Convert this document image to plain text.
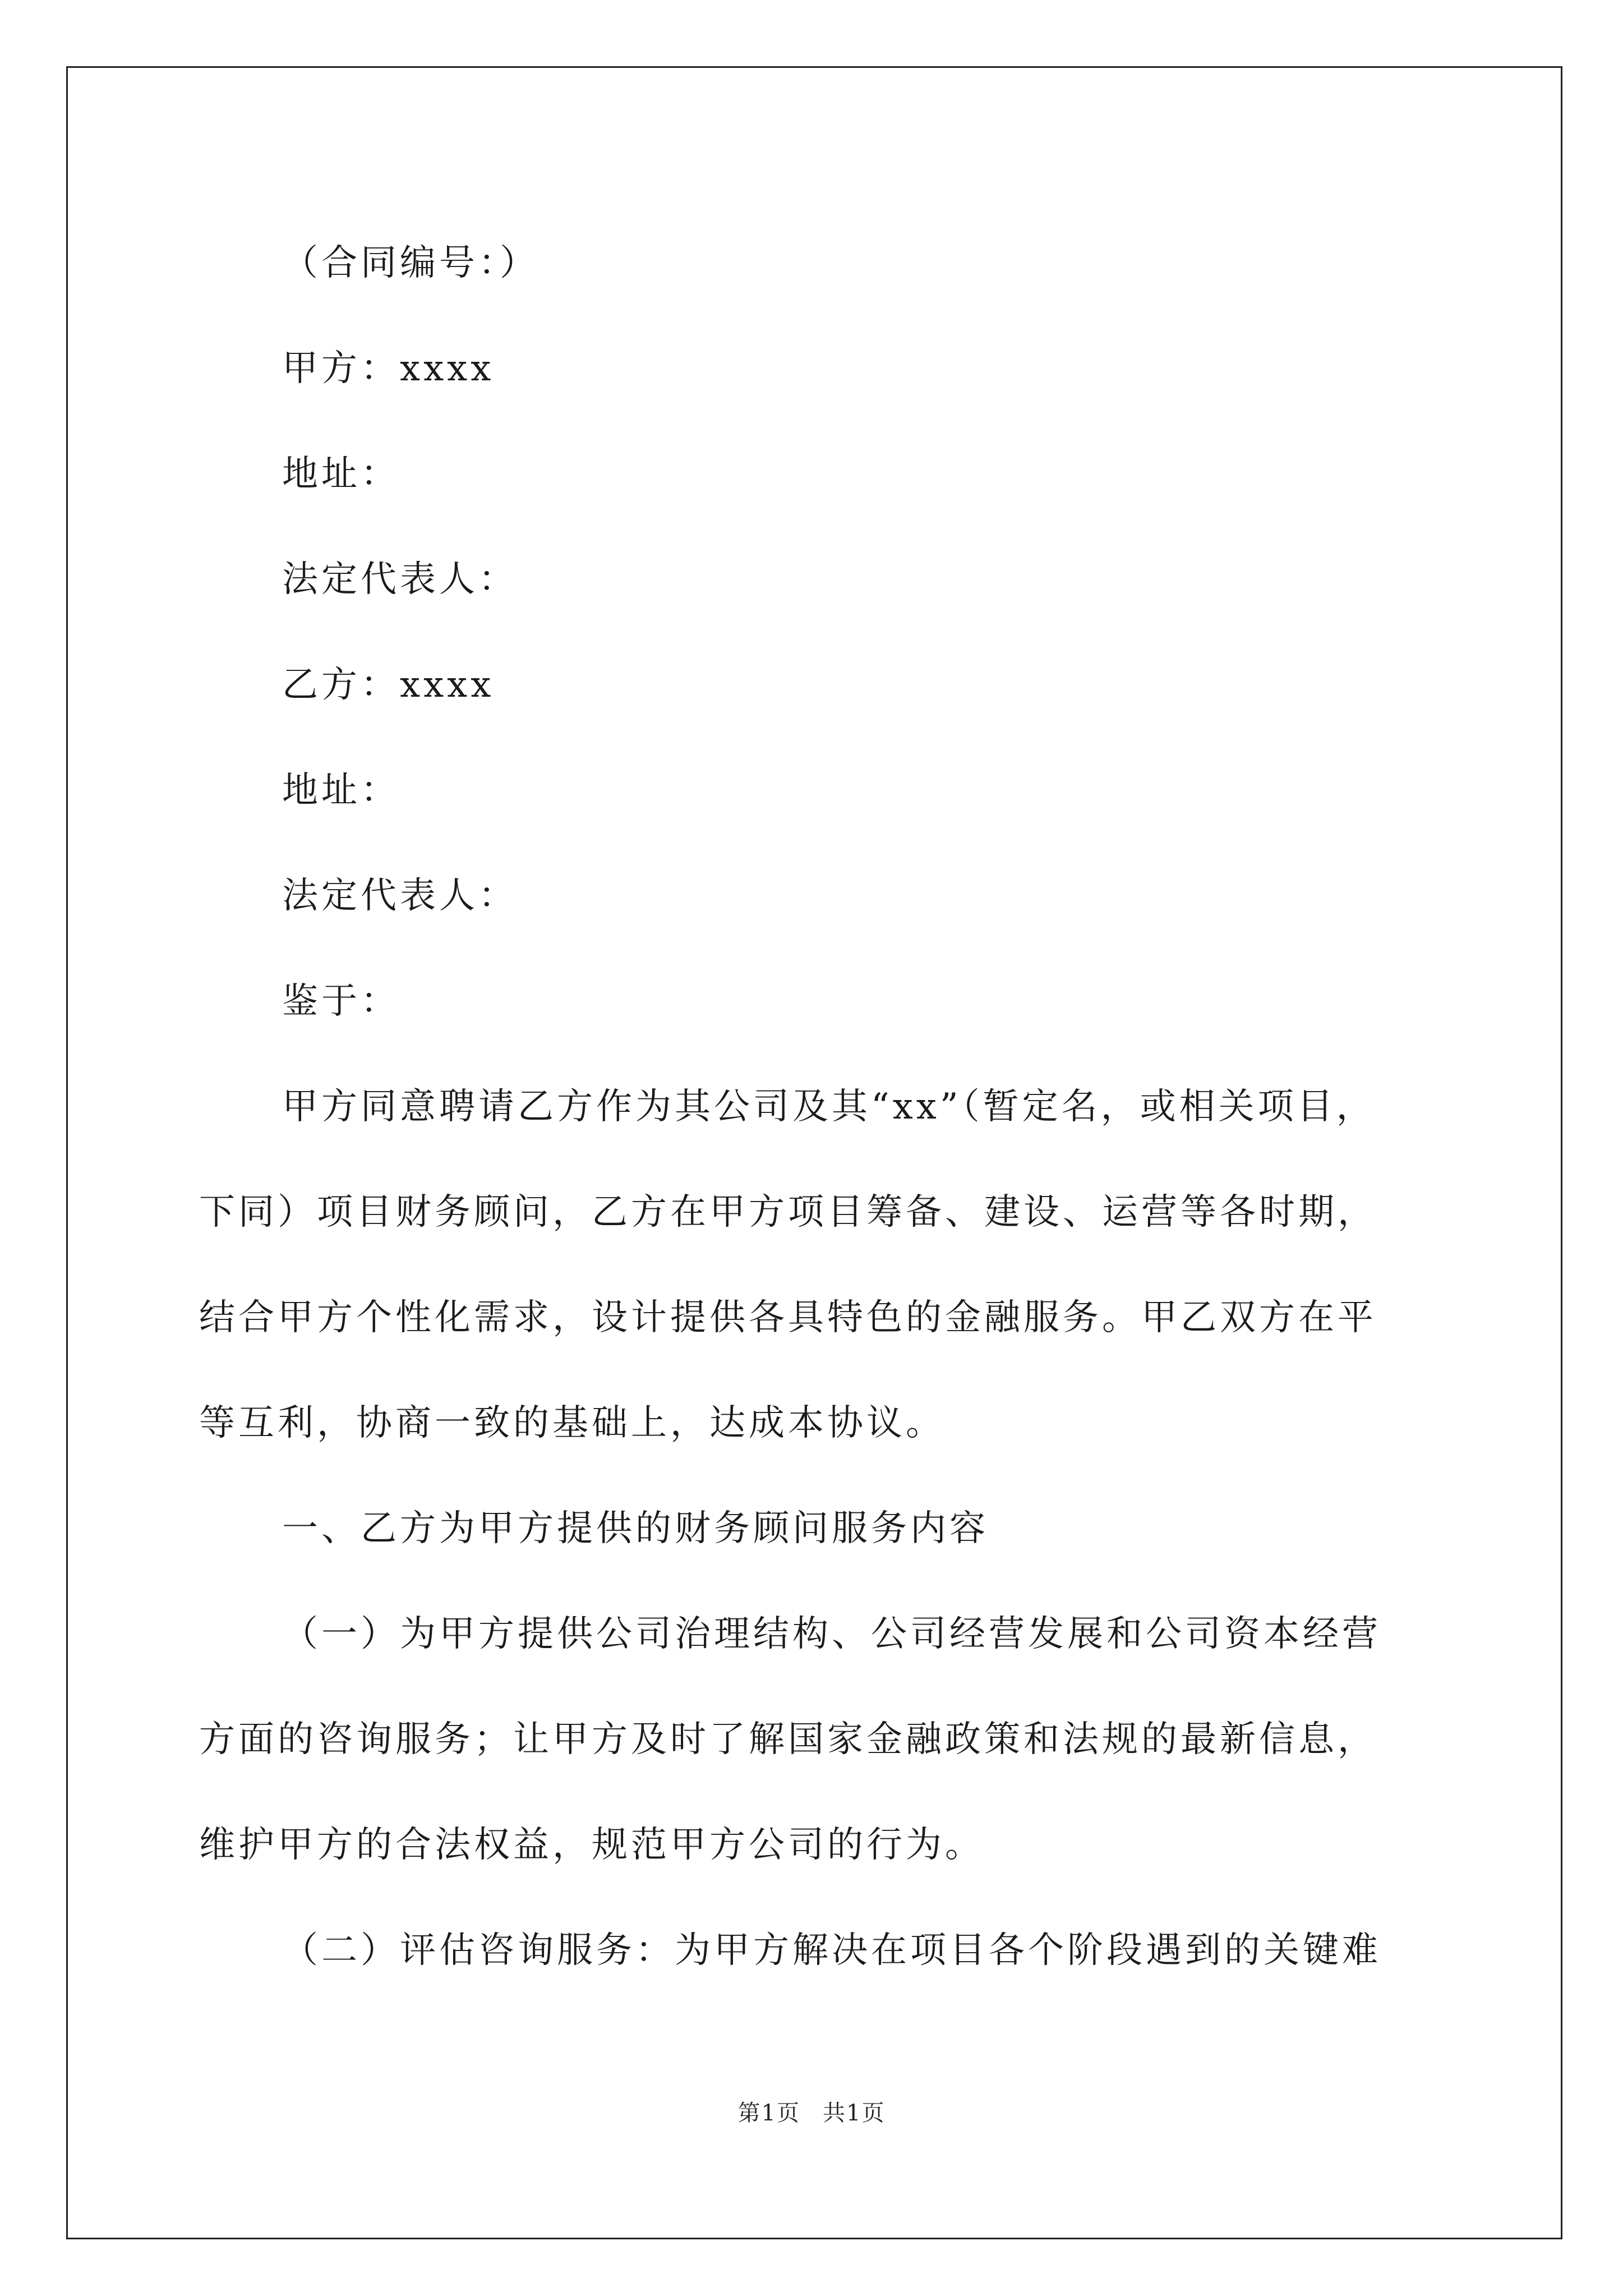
（合同编号：）

甲方：xxxx

地址：

法定代表人：

乙方：xxxx

地址：

法定代表人：

鉴于：

甲方同意聘请乙方作为其公司及其“xx”（暂定名，或相关项目，

下同）项目财务顾问，乙方在甲方项目筹备、建设、运营等各时期，

结合甲方个性化需求，设计提供各具特色的金融服务。甲乙双方在平

等互利，协商一致的基础上，达成本协议。

一、乙方为甲方提供的财务顾问服务内容

（一）为甲方提供公司治理结构、公司经营发展和公司资本经营

方面的咨询服务；让甲方及时了解国家金融政策和法规的最新信息，

维护甲方的合法权益，规范甲方公司的行为。

（二）评估咨询服务：为甲方解决在项目各个阶段遇到的关键难

第1页 共1页
